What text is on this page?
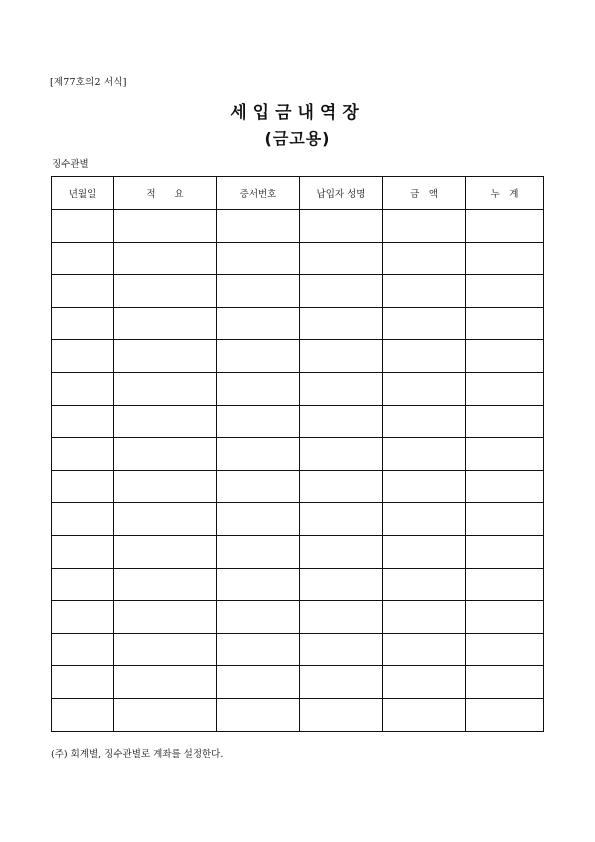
[제77호의2 서식]
세입금내역장
(금고용)
징수관별
년월일	적　　요	증서번호	납입자 성명	금　액	누　계

(주) 회계별, 징수관별로 계좌를 설정한다.
